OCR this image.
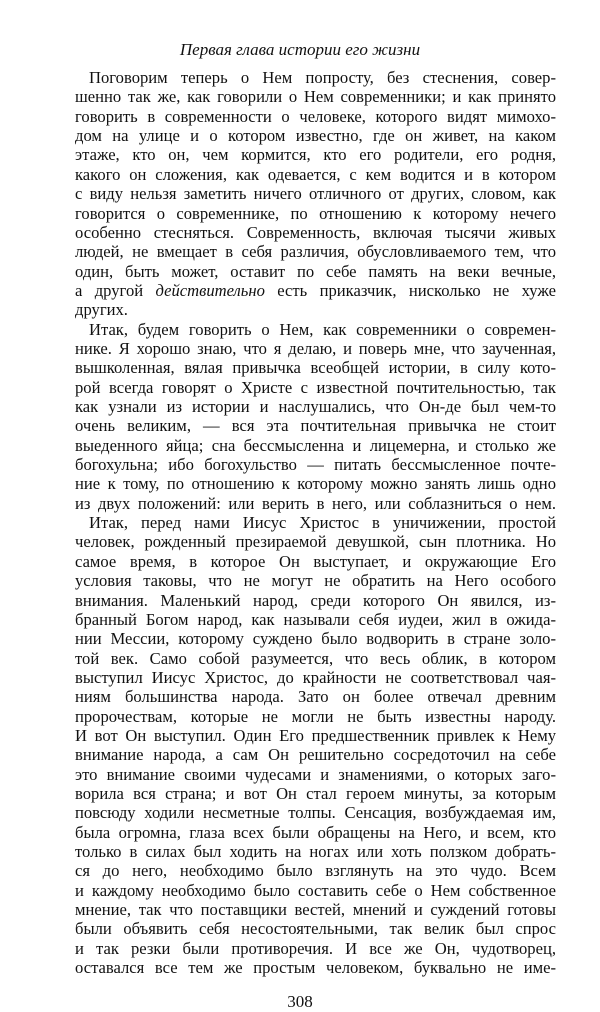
Первая глава истории его жизни

Поговорим теперь о Нем попросту, без стеснения, совер-

шенно так же, как говорили о Нем современники; и как принято

говорить в современности о человеке, которого видят мимохо-

дом на улице и о котором известно, где он живет, на каком

этаже, кто он, чем кормится, кто его родители, его родня,

какого он сложения, как одевается, с кем водится и в котором

с виду нельзя заметить ничего отличного от других, словом, как

говорится о современнике, по отношению к которому нечего

особенно стесняться. Современность, включая тысячи живых

людей, не вмещает в себя различия, обусловливаемого тем, что

один, быть может, оставит по себе память на веки вечные,

а другой действительно есть приказчик, нисколько не хуже

других.

Итак, будем говорить о Нем, как современники о современ-

нике. Я хорошо знаю, что я делаю, и поверь мне, что заученная,

вышколенная, вялая привычка всеобщей истории, в силу кото-

рой всегда говорят о Христе с известной почтительностью, так

как узнали из истории и наслушались, что Он-де был чем-то

очень великим, — вся эта почтительная привычка не стоит

выеденного яйца; сна бессмысленна и лицемерна, и столько же

богохульна; ибо богохульство — питать бессмысленное почте-

ние к тому, по отношению к которому можно занять лишь одно

из двух положений: или верить в него, или соблазниться о нем.

Итак, перед нами Иисус Христос в уничижении, простой

человек, рожденный презираемой девушкой, сын плотника. Но

самое время, в которое Он выступает, и окружающие Его

условия таковы, что не могут не обратить на Него особого

внимания. Маленький народ, среди которого Он явился, из-

бранный Богом народ, как называли себя иудеи, жил в ожида-

нии Мессии, которому суждено было водворить в стране золо-

той век. Само собой разумеется, что весь облик, в котором

выступил Иисус Христос, до крайности не соответствовал чая-

ниям большинства народа. Зато он более отвечал древним

пророчествам, которые не могли не быть известны народу.

И вот Он выступил. Один Его предшественник привлек к Нему

внимание народа, а сам Он решительно сосредоточил на себе

это внимание своими чудесами и знамениями, о которых заго-

ворила вся страна; и вот Он стал героем минуты, за которым

повсюду ходили несметные толпы. Сенсация, возбуждаемая им,

была огромна, глаза всех были обращены на Него, и всем, кто

только в силах был ходить на ногах или хоть ползком добрать-

ся до него, необходимо было взглянуть на это чудо. Всем

и каждому необходимо было составить себе о Нем собственное

мнение, так что поставщики вестей, мнений и суждений готовы

были объявить себя несостоятельными, так велик был спрос

и так резки были противоречия. И все же Он, чудотворец,

оставался все тем же простым человеком, буквально не име-

308
